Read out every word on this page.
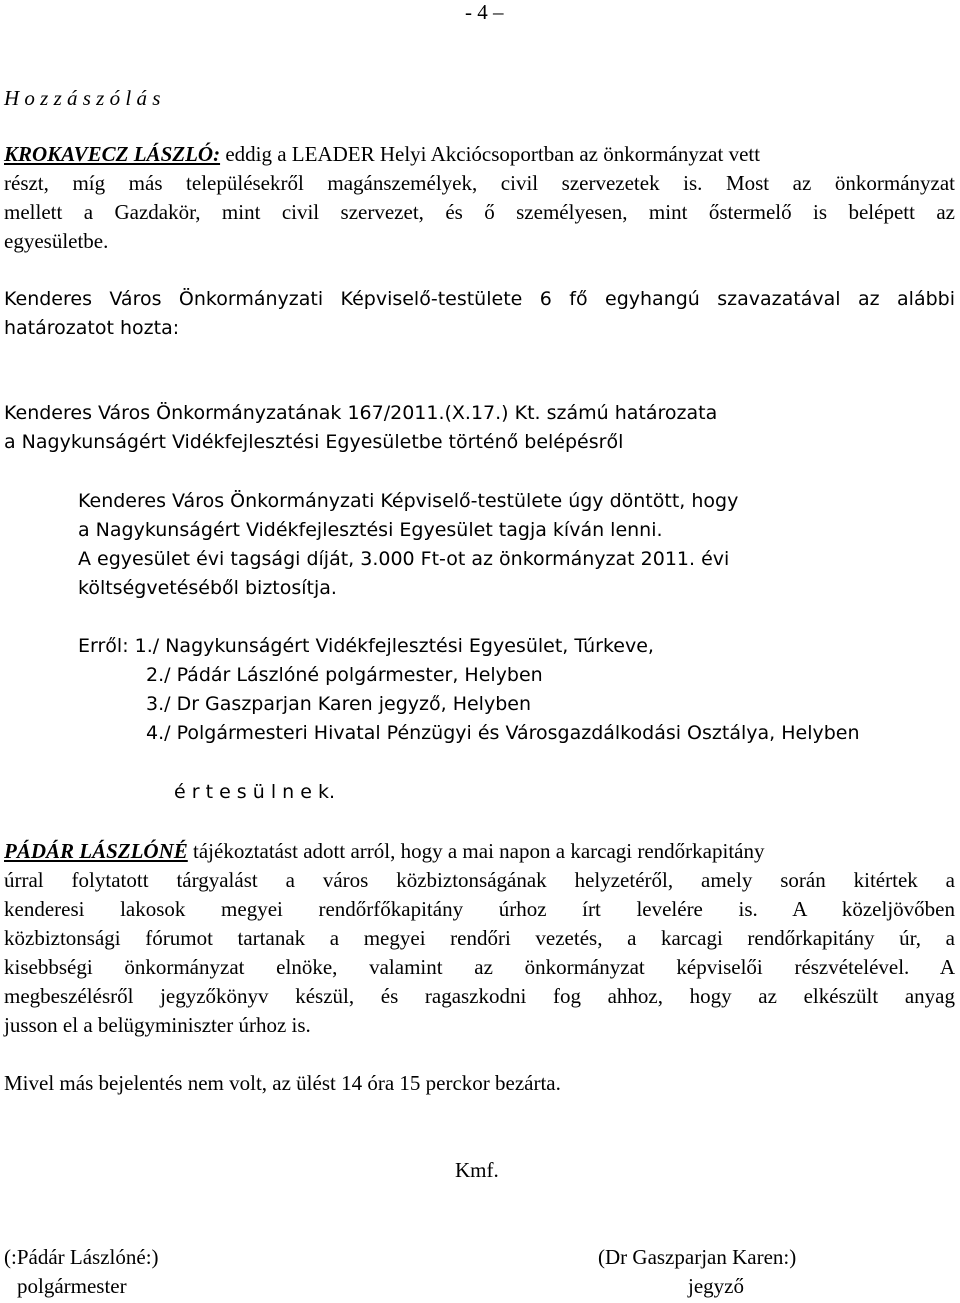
- 4 –
H o z z á s z ó l á s
KROKAVECZ LÁSZLÓ: eddig a LEADER Helyi Akciócsoportban az önkormányzat vett
részt, míg más településekről magánszemélyek, civil szervezetek is. Most az önkormányzat
mellett a Gazdakör, mint civil szervezet, és ő személyesen, mint őstermelő is belépett az
egyesületbe.
Kenderes Város Önkormányzati Képviselő-testülete 6 fő egyhangú szavazatával az alábbi
határozatot hozta:
Kenderes Város Önkormányzatának 167/2011.(X.17.) Kt. számú határozata
a Nagykunságért Vidékfejlesztési Egyesületbe történő belépésről
Kenderes Város Önkormányzati Képviselő-testülete úgy döntött, hogy
a Nagykunságért Vidékfejlesztési Egyesület tagja kíván lenni.
A egyesület évi tagsági díját, 3.000 Ft-ot az önkormányzat 2011. évi
költségvetéséből biztosítja.
Erről: 1./ Nagykunságért Vidékfejlesztési Egyesület, Túrkeve,
2./ Pádár Lászlóné polgármester, Helyben
3./ Dr Gaszparjan Karen jegyző, Helyben
4./ Polgármesteri Hivatal Pénzügyi és Városgazdálkodási Osztálya, Helyben
é r t e s ü l n e k.
PÁDÁR LÁSZLÓNÉ tájékoztatást adott arról, hogy a mai napon a karcagi rendőrkapitány
úrral folytatott tárgyalást a város közbiztonságának helyzetéről, amely során kitértek a
kenderesi lakosok megyei rendőrfőkapitány úrhoz írt levelére is. A közeljövőben
közbiztonsági fórumot tartanak a megyei rendőri vezetés, a karcagi rendőrkapitány úr, a
kisebbségi önkormányzat elnöke, valamint az önkormányzat képviselői részvételével. A
megbeszélésről jegyzőkönyv készül, és ragaszkodni fog ahhoz, hogy az elkészült anyag
jusson el a belügyminiszter úrhoz is.
Mivel más bejelentés nem volt, az ülést 14 óra 15 perckor bezárta.
Kmf.
(:Pádár Lászlóné:)
polgármester
(Dr Gaszparjan Karen:)
jegyző
